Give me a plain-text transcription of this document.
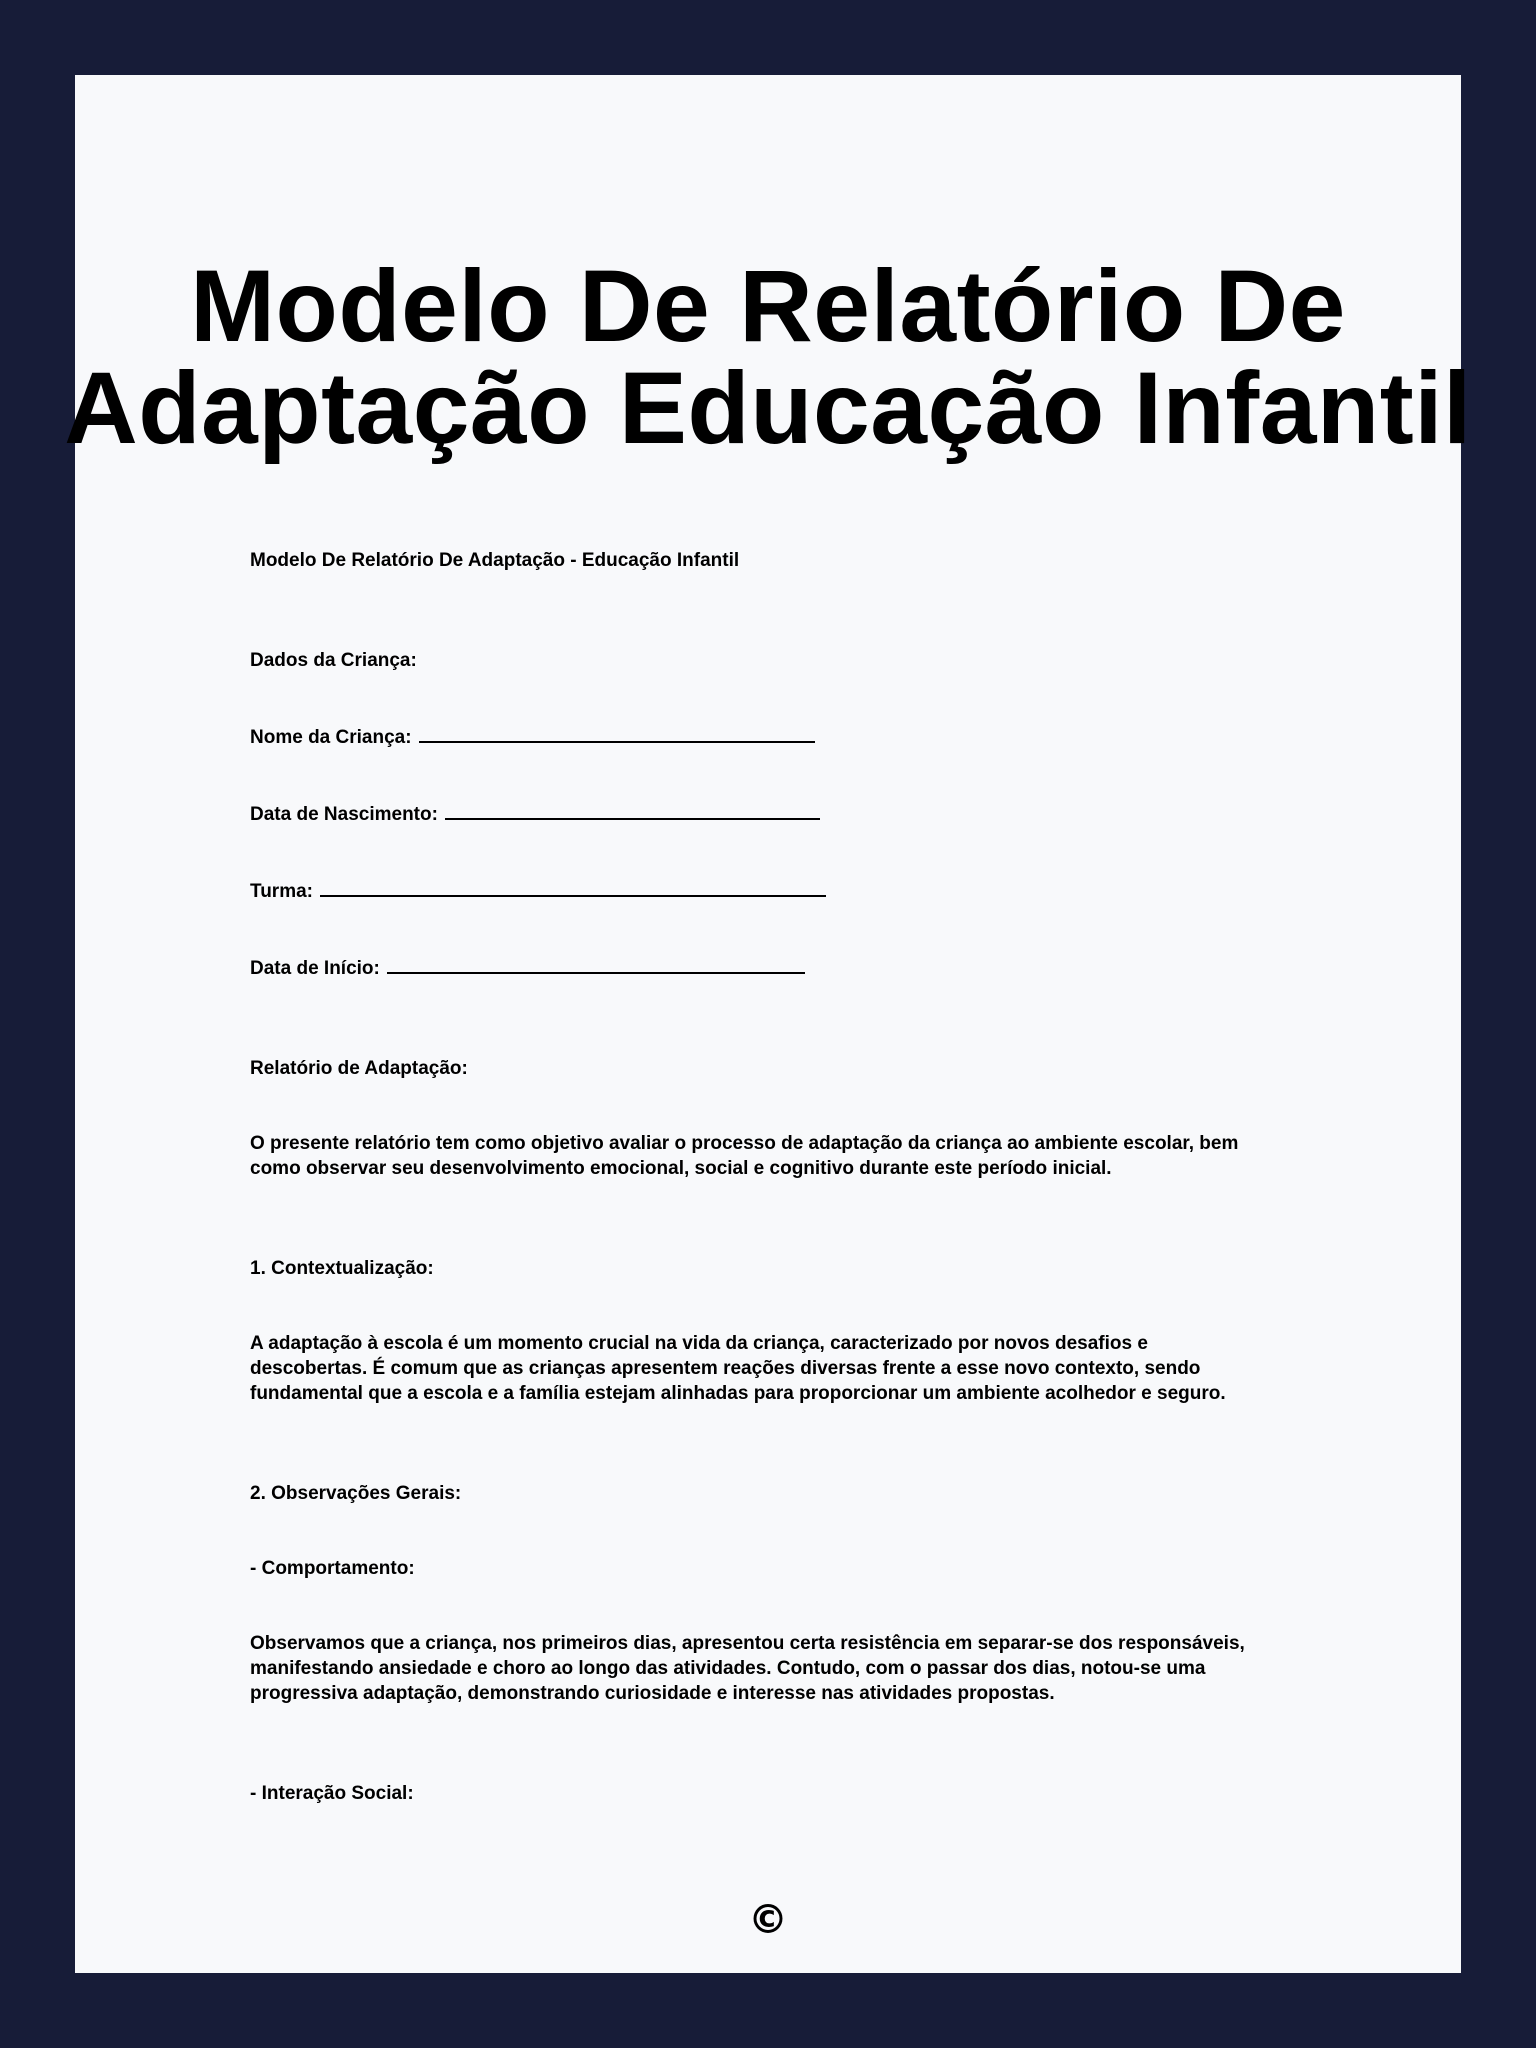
Modelo De Relatório De
Adaptação Educação Infantil

Modelo De Relatório De Adaptação - Educação Infantil

Dados da Criança:

Nome da Criança:
Data de Nascimento:
Turma:
Data de Início:

Relatório de Adaptação:

O presente relatório tem como objetivo avaliar o processo de adaptação da criança ao ambiente escolar, bem como observar seu desenvolvimento emocional, social e cognitivo durante este período inicial.

1. Contextualização:

A adaptação à escola é um momento crucial na vida da criança, caracterizado por novos desafios e descobertas. É comum que as crianças apresentem reações diversas frente a esse novo contexto, sendo fundamental que a escola e a família estejam alinhadas para proporcionar um ambiente acolhedor e seguro.

2. Observações Gerais:

- Comportamento:

Observamos que a criança, nos primeiros dias, apresentou certa resistência em separar-se dos responsáveis, manifestando ansiedade e choro ao longo das atividades. Contudo, com o passar dos dias, notou-se uma progressiva adaptação, demonstrando curiosidade e interesse nas atividades propostas.

- Interação Social:

©
